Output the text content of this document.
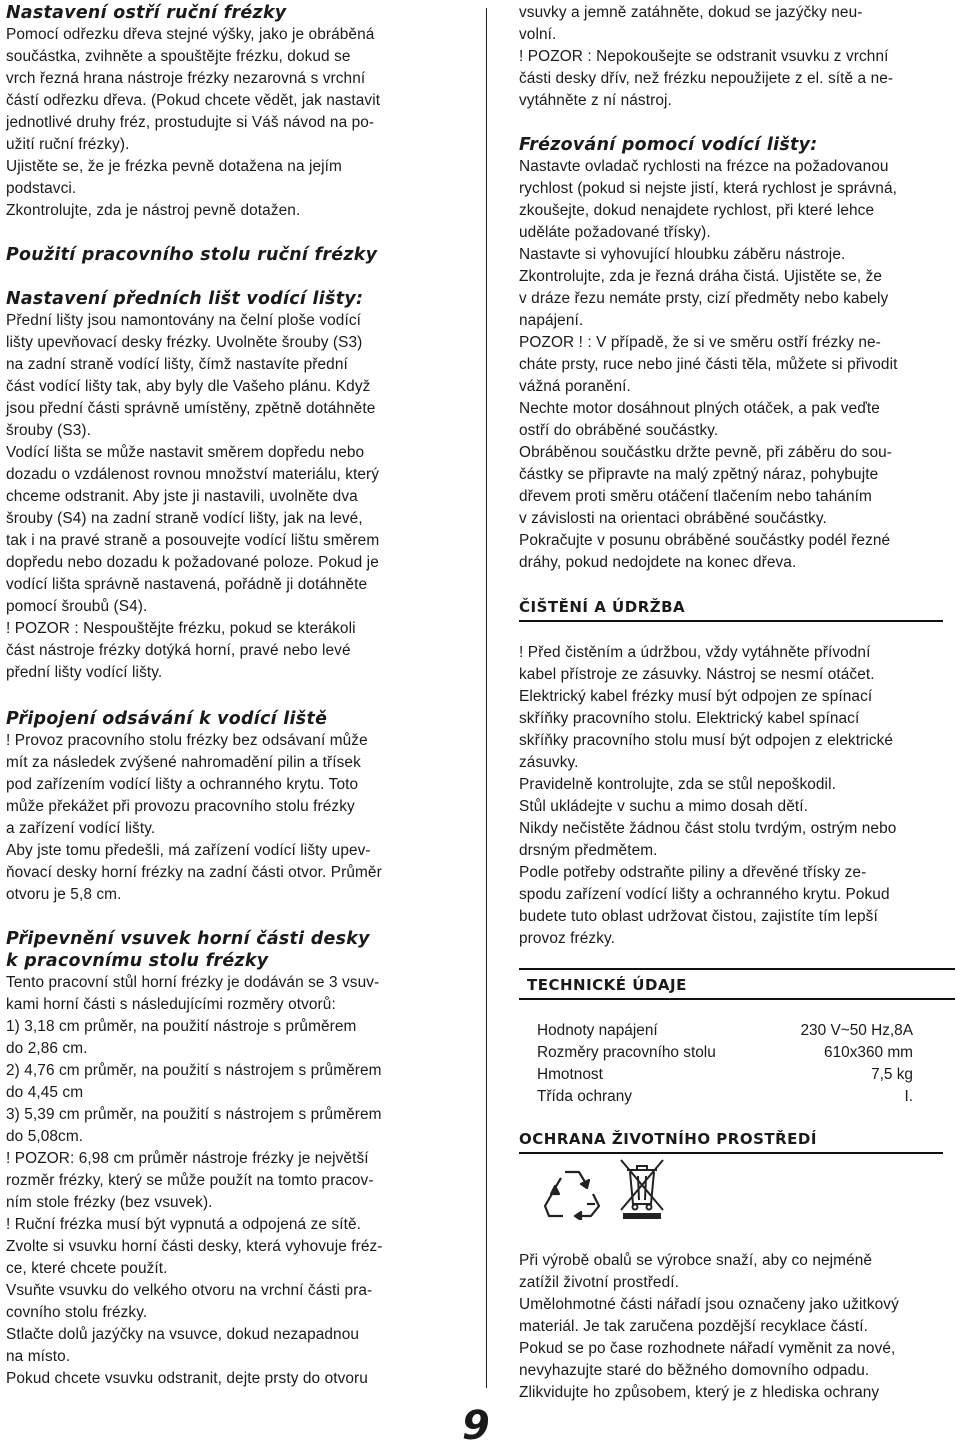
Nastavení ostří ruční frézky
Pomocí odřezku dřeva stejné výšky, jako je obráběná
součástka, zvihněte a spouštějte frézku, dokud se
vrch řezná hrana nástroje frézky nezarovná s vrchní
částí odřezku dřeva. (Pokud chcete vědět, jak nastavit
jednotlivé druhy fréz, prostudujte si Váš návod na po-
užití ruční frézky).
Ujistěte se, že je frézka pevně dotažena na jejím
podstavci.
Zkontrolujte, zda je nástroj pevně dotažen.
Použití pracovního stolu ruční frézky
Nastavení předních lišt vodící lišty:
Přední lišty jsou namontovány na čelní ploše vodící
lišty upevňovací desky frézky. Uvolněte šrouby (S3)
na zadní straně vodící lišty, čímž nastavíte přední
část vodící lišty tak, aby byly dle Vašeho plánu. Když
jsou přední části správně umístěny, zpětně dotáhněte
šrouby (S3).
Vodící lišta se může nastavit směrem dopředu nebo
dozadu o vzdálenost rovnou množství materiálu, který
chceme odstranit. Aby jste ji nastavili, uvolněte dva
šrouby (S4) na zadní straně vodící lišty, jak na levé,
tak i na pravé straně a posouvejte vodící lištu směrem
dopředu nebo dozadu k požadované poloze. Pokud je
vodící lišta správně nastavená, pořádně ji dotáhněte
pomocí šroubů (S4).
! POZOR : Nespouštějte frézku, pokud se kterákoli
část nástroje frézky dotýká horní, pravé nebo levé
přední lišty vodící lišty.
Připojení odsávání k vodící liště
! Provoz pracovního stolu frézky bez odsávaní může
mít za následek zvýšené nahromadění pilin a třísek
pod zařízením vodící lišty a ochranného krytu. Toto
může překážet při provozu pracovního stolu frézky
a zařízení vodící lišty.
Aby jste tomu předešli, má zařízení vodící lišty upev-
ňovací desky horní frézky na zadní části otvor. Průměr
otvoru je 5,8 cm.
Připevnění vsuvek horní části desky
k pracovnímu stolu frézky
Tento pracovní stůl horní frézky je dodáván se 3 vsuv-
kami horní části s následujícími rozměry otvorů:
1) 3,18 cm průměr, na použití nástroje s průměrem
do 2,86 cm.
2) 4,76 cm průměr, na použití s nástrojem s průměrem
do 4,45 cm
3) 5,39 cm průměr, na použití s nástrojem s průměrem
do 5,08cm.
! POZOR: 6,98 cm průměr nástroje frézky je největší
rozměr frézky, který se může použít na tomto pracov-
ním stole frézky (bez vsuvek).
! Ruční frézka musí být vypnutá a odpojená ze sítě.
Zvolte si vsuvku horní části desky, která vyhovuje fréz-
ce, které chcete použít.
Vsuňte vsuvku do velkého otvoru na vrchní části pra-
covního stolu frézky.
Stlačte dolů jazýčky na vsuvce, dokud nezapadnou
na místo.
Pokud chcete vsuvku odstranit, dejte prsty do otvoru
vsuvky a jemně zatáhněte, dokud se jazýčky neu-
volní.
! POZOR : Nepokoušejte se odstranit vsuvku z vrchní
části desky dřív, než frézku nepoužijete z el. sítě a ne-
vytáhněte z ní nástroj.
Frézování pomocí vodící lišty:
Nastavte ovladač rychlosti na frézce na požadovanou
rychlost (pokud si nejste jistí, která rychlost je správná,
zkoušejte, dokud nenajdete rychlost, při které lehce
uděláte požadované třísky).
Nastavte si vyhovující hloubku záběru nástroje.
Zkontrolujte, zda je řezná dráha čistá. Ujistěte se, že
v dráze řezu nemáte prsty, cizí předměty nebo kabely
napájení.
POZOR ! : V případě, že si ve směru ostří frézky ne-
cháte prsty, ruce nebo jiné části těla, můžete si přivodit
vážná poranění.
Nechte motor dosáhnout plných otáček, a pak veďte
ostří do obráběné součástky.
Obráběnou součástku držte pevně, při záběru do sou-
částky se připravte na malý zpětný náraz, pohybujte
dřevem proti směru otáčení tlačením nebo taháním
v závislosti na orientaci obráběné součástky.
Pokračujte v posunu obráběné součástky podél řezné
dráhy, pokud nedojdete na konec dřeva.
ČIŠTĚNÍ A ÚDRŽBA
! Před čistěním a údržbou, vždy vytáhněte přívodní
kabel přístroje ze zásuvky. Nástroj se nesmí otáčet.
Elektrický kabel frézky musí být odpojen ze spínací
skříňky pracovního stolu. Elektrický kabel spínací
skříňky pracovního stolu musí být odpojen z elektrické
zásuvky.
Pravidelně kontrolujte, zda se stůl nepoškodil.
Stůl ukládejte v suchu a mimo dosah dětí.
Nikdy nečistěte žádnou část stolu tvrdým, ostrým nebo
drsným předmětem.
Podle potřeby odstraňte piliny a dřevěné třísky ze-
spodu zařízení vodící lišty a ochranného krytu. Pokud
budete tuto oblast udržovat čistou, zajistíte tím lepší
provoz frézky.
TECHNICKÉ ÚDAJE
Hodnoty napájení	230 V~50 Hz,8A
Rozměry pracovního stolu	610x360 mm
Hmotnost	7,5 kg
Třída ochrany	I.
OCHRANA ŽIVOTNÍHO PROSTŘEDÍ
Při výrobě obalů se výrobce snaží, aby co nejméně
zatížil životní prostředí.
Umělohmotné části nářadí jsou označeny jako užitkový
materiál. Je tak zaručena pozdější recyklace částí.
Pokud se po čase rozhodnete nářadí vyměnit za nové,
nevyhazujte staré do běžného domovního odpadu.
Zlikvidujte ho způsobem, který je z hlediska ochrany
9
